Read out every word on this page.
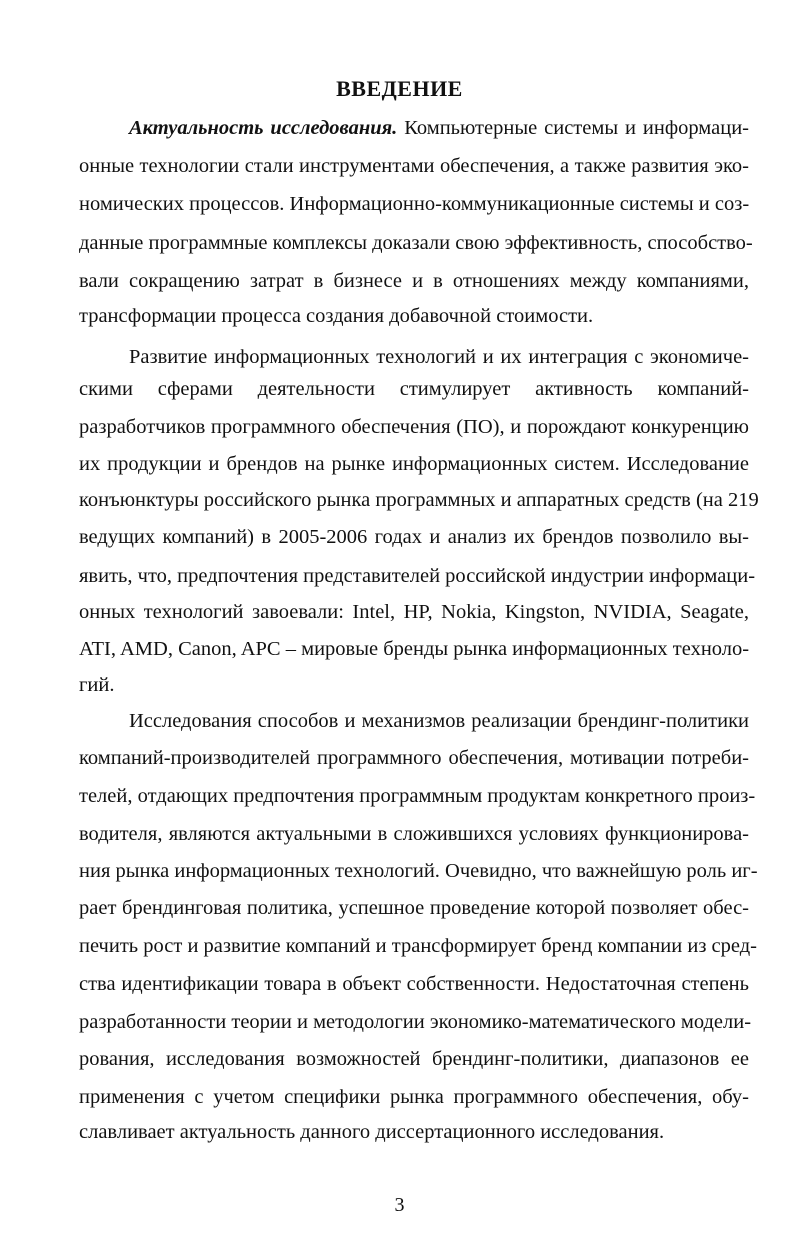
ВВЕДЕНИЕ
Актуальность исследования. Компьютерные системы и информаци-
онные технологии стали инструментами обеспечения, а также развития эко-
номических процессов. Информационно-коммуникационные системы и соз-
данные программные комплексы доказали свою эффективность, способство-
вали сокращению затрат в бизнесе и в отношениях между компаниями,
трансформации процесса создания добавочной стоимости.
Развитие информационных технологий и их интеграция с экономиче-
скими сферами деятельности стимулирует активность компаний-
разработчиков программного обеспечения (ПО), и порождают конкуренцию
их продукции и брендов на рынке информационных систем. Исследование
конъюнктуры российского рынка программных и аппаратных средств (на 219
ведущих компаний) в 2005-2006 годах и анализ их брендов позволило вы-
явить, что, предпочтения представителей российской индустрии информаци-
онных технологий завоевали: Intel, HP, Nokia, Kingston, NVIDIA, Seagate,
ATI, AMD, Canon, APC – мировые бренды рынка информационных техноло-
гий.
Исследования способов и механизмов реализации брендинг-политики
компаний-производителей программного обеспечения, мотивации потреби-
телей, отдающих предпочтения программным продуктам конкретного произ-
водителя, являются актуальными в сложившихся условиях функционирова-
ния рынка информационных технологий. Очевидно, что важнейшую роль иг-
рает брендинговая политика, успешное проведение которой позволяет обес-
печить рост и развитие компаний и трансформирует бренд компании из сред-
ства идентификации товара в объект собственности. Недостаточная степень
разработанности теории и методологии экономико-математического модели-
рования, исследования возможностей брендинг-политики, диапазонов ее
применения с учетом специфики рынка программного обеспечения, обу-
славливает актуальность данного диссертационного исследования.
3
